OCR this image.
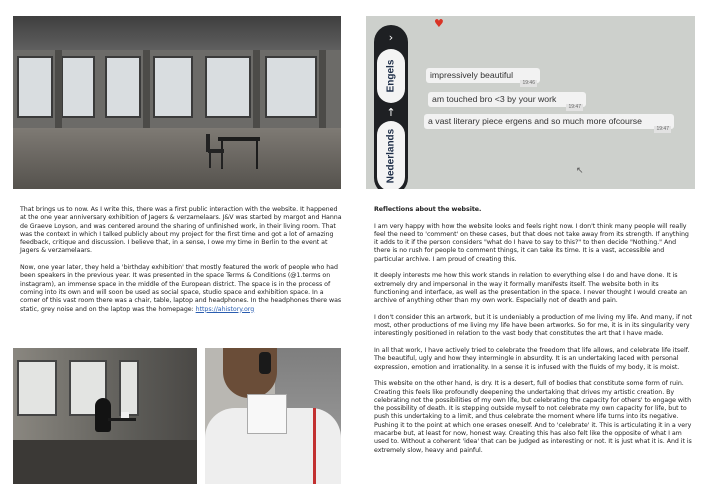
♥
›
Engels
↑
Nederlands
impressively beautiful
19:46
am touched bro <3 by your work
19:47
a vast literary piece ergens and so much more ofcourse
19:47
↖

That brings us to now. As I write this, there was a first public interaction with the website. It happened at the one year anniversary exhibition of Jagers & verzamelaars. J&V was started by margot and Hanna de Graeve Loyson, and was centered around the sharing of unfinished work, in their living room. That was the context in which I talked publicly about my project for the first time and got a lot of amazing feedback, critique and discussion. I believe that, in a sense, I owe my time in Berlin to the event at Jagers & verzamelaars.

Now, one year later, they held a 'birthday exhibition' that mostly featured the work of people who had been speakers in the previous year. It was presented in the space Terms & Conditions (@1.terms on instagram), an immense space in the middle of the European district. The space is in the process of coming into its own and will soon be used as social space, studio space and exhibition space. In a corner of this vast room there was a chair, table, laptop and headphones. In the headphones there was static, grey noise and on the laptop was the homepage: https://ahistory.org

Reflections about the website.

I am very happy with how the website looks and feels right now. I don't think many people will really feel the need to 'comment' on these cases, but that does not take away from its strength. If anything it adds to it if the person considers "what do I have to say to this?" to then decide "Nothing." And there is no rush for people to comment things, it can take its time. It is a vast, accessible and particular archive. I am proud of creating this.

It deeply interests me how this work stands in relation to everything else I do and have done. It is extremely dry and impersonal in the way it formally manifests itself. The website both in its functioning and interface, as well as the presentation in the space. I never thought I would create an archive of anything other than my own work. Especially not of death and pain.

I don't consider this an artwork, but it is undeniably a production of me living my life. And many, if not most, other productions of me living my life have been artworks. So for me, it is in its singularity very interestingly positioned in relation to the vast body that constitutes the art that I have made.

In all that work, I have actively tried to celebrate the freedom that life allows, and celebrate life itself. The beautiful, ugly and how they intermingle in absurdity. It is an undertaking laced with personal expression, emotion and irrationality. In a sense it is infused with the fluids of my body, it is moist.

This website on the other hand, is dry. It is a desert, full of bodies that constitute some form of ruin. Creating this feels like profoundly deepening the undertaking that drives my artistic creation. By celebrating not the possibilities of my own life, but celebrating the capacity for others' to engage with the possibility of death. It is stepping outside myself to not celebrate my own capacity for life, but to push this undertaking to a limit, and thus celebrate the moment where life turns into its negative. Pushing it to the point at which one erases oneself. And to 'celebrate' it. This is articulating it in a very macarbe but, at least for now, honest way. Creating this has also felt like the opposite of what I am used to. Without a coherent 'idea' that can be judged as interesting or not. It is just what it is. And it is extremely slow, heavy and painful.
